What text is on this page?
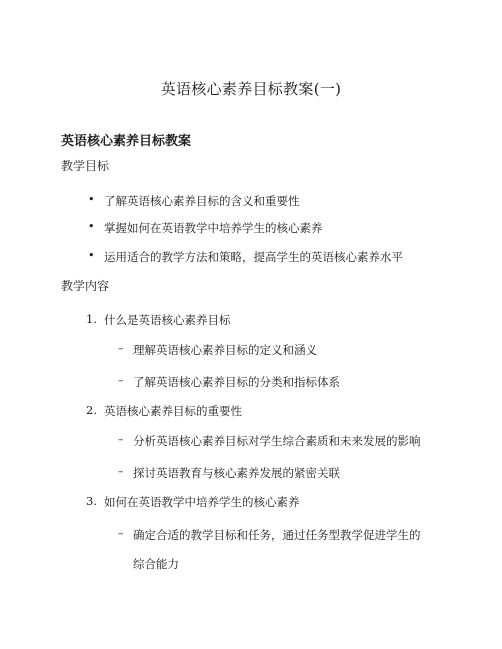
英语核心素养目标教案(一)
英语核心素养目标教案
教学目标
• 了解英语核心素养目标的含义和重要性
• 掌握如何在英语教学中培养学生的核心素养
• 运用适合的教学方法和策略，提高学生的英语核心素养水平
教学内容
1. 什么是英语核心素养目标
– 理解英语核心素养目标的定义和涵义
– 了解英语核心素养目标的分类和指标体系
2. 英语核心素养目标的重要性
– 分析英语核心素养目标对学生综合素质和未来发展的影响
– 探讨英语教育与核心素养发展的紧密关联
3. 如何在英语教学中培养学生的核心素养
– 确定合适的教学目标和任务，通过任务型教学促进学生的
综合能力
